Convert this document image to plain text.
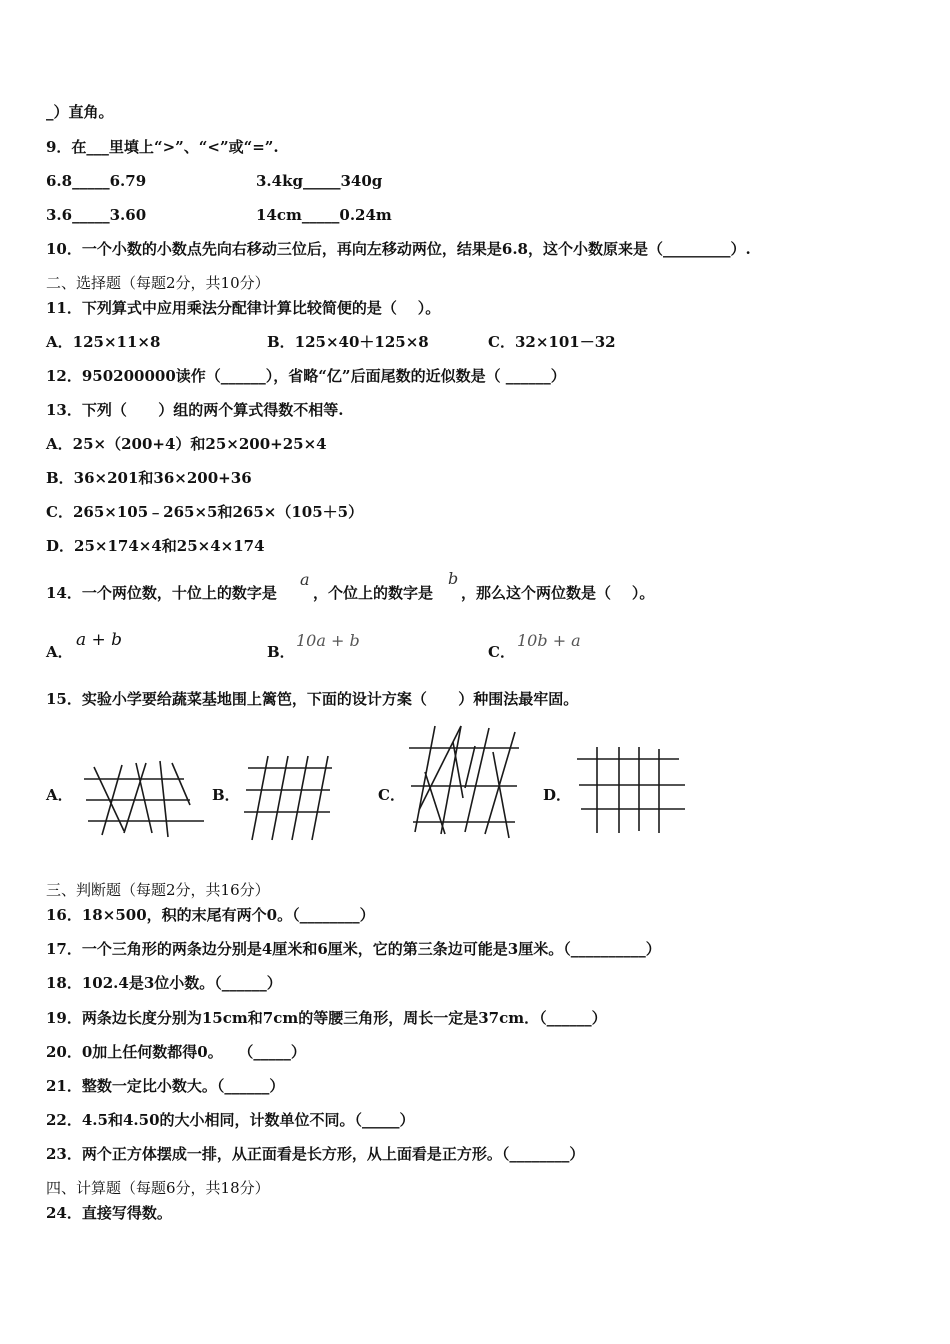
_）直角。
9．在___里填上“>”、“<”或“=”.
6.8_____6.79	3.4kg_____340g
3.6_____3.60	14cm_____0.24m
10．一个小数的小数点先向右移动三位后，再向左移动两位，结果是6.8，这个小数原来是（_________）.
二、选择题（每题2分，共10分）
11．下列算式中应用乘法分配律计算比较简便的是（    ）。
A．125×11×8	B．125×40＋125×8	C．32×101－32
12．950200000读作（______），省略“亿”后面尾数的近似数是（ ______）
13．下列（      ）组的两个算式得数不相等.
A．25×（200+4）和25×200+25×4
B．36×201和36×200+36
C．265×105﹣265×5和265×（105＋5）
D．25×174×4和25×4×174
14．一个两位数，十位上的数字是
a
，个位上的数字是
b
，那么这个两位数是（    ）。
A．
a + b
B．
10a + b
C．
10b + a
15．实验小学要给蔬菜基地围上篱笆，下面的设计方案（      ）种围法最牢固。
A．	B．	C．	D．
三、判断题（每题2分，共16分）
16．18×500，积的末尾有两个0。（________）
17．一个三角形的两条边分别是4厘米和6厘米，它的第三条边可能是3厘米。（__________）
18．102.4是3位小数。（______）
19．两条边长度分别为15cm和7cm的等腰三角形，周长一定是37cm．（______）
20．0加上任何数都得0。   （_____）
21．整数一定比小数大。（______）
22．4.5和4.50的大小相同，计数单位不同。（_____）
23．两个正方体摆成一排，从正面看是长方形，从上面看是正方形。（________）
四、计算题（每题6分，共18分）
24．直接写得数。
